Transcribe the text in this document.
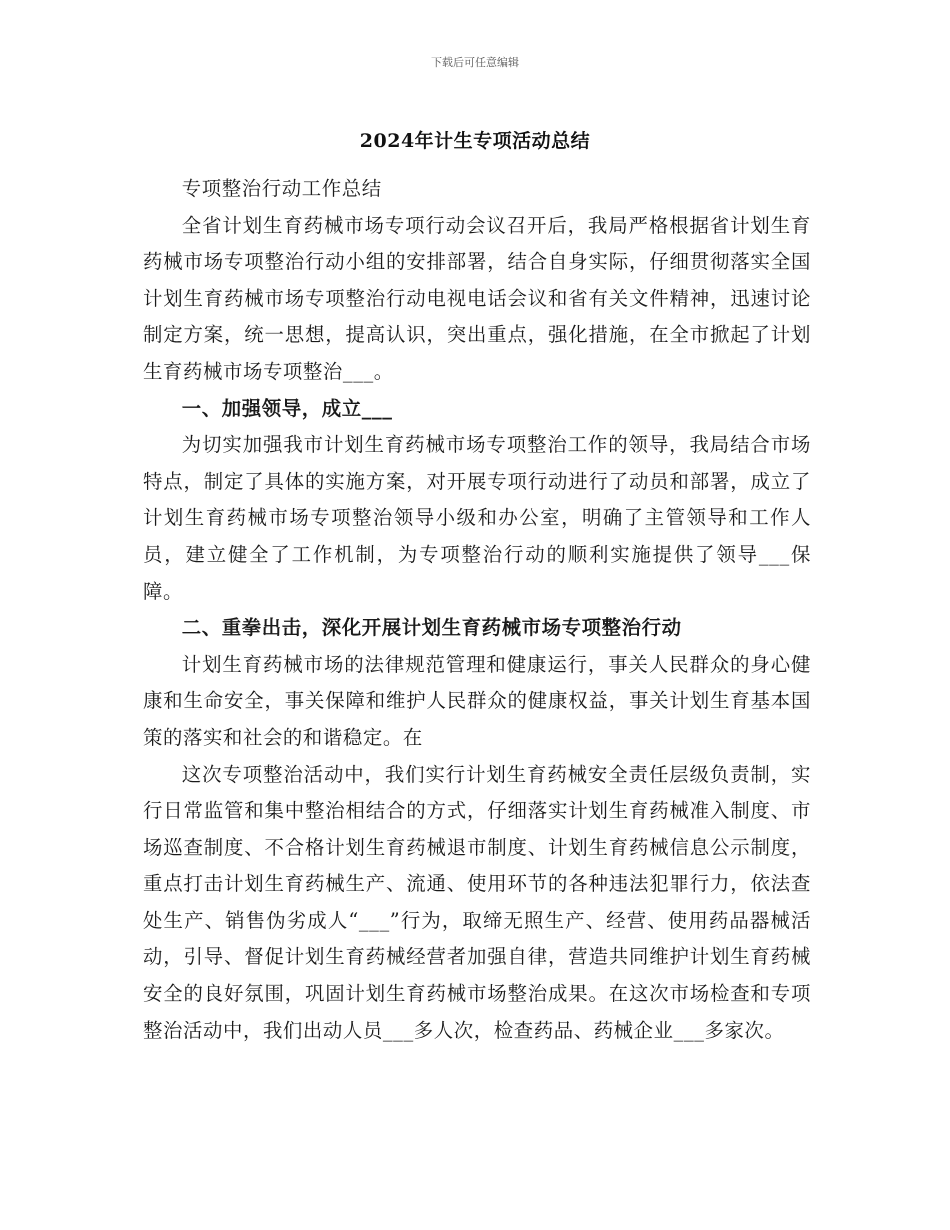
下载后可任意编辑
2024年计生专项活动总结

专项整治行动工作总结

全省计划生育药械市场专项行动会议召开后，我局严格根据省计划生育药械市场专项整治行动小组的安排部署，结合自身实际，仔细贯彻落实全国计划生育药械市场专项整治行动电视电话会议和省有关文件精神，迅速讨论制定方案，统一思想，提高认识，突出重点，强化措施，在全市掀起了计划生育药械市场专项整治___。

一、加强领导，成立___

为切实加强我市计划生育药械市场专项整治工作的领导，我局结合市场特点，制定了具体的实施方案，对开展专项行动进行了动员和部署，成立了计划生育药械市场专项整治领导小级和办公室，明确了主管领导和工作人员，建立健全了工作机制，为专项整治行动的顺利实施提供了领导___保障。

二、重拳出击，深化开展计划生育药械市场专项整治行动

计划生育药械市场的法律规范管理和健康运行，事关人民群众的身心健康和生命安全，事关保障和维护人民群众的健康权益，事关计划生育基本国策的落实和社会的和谐稳定。在

这次专项整治活动中，我们实行计划生育药械安全责任层级负责制，实行日常监管和集中整治相结合的方式，仔细落实计划生育药械准入制度、市场巡查制度、不合格计划生育药械退市制度、计划生育药械信息公示制度，重点打击计划生育药械生产、流通、使用环节的各种违法犯罪行力，依法查处生产、销售伪劣成人“___”行为，取缔无照生产、经营、使用药品器械活动，引导、督促计划生育药械经营者加强自律，营造共同维护计划生育药械安全的良好氛围，巩固计划生育药械市场整治成果。在这次市场检查和专项整治活动中，我们出动人员___多人次，检查药品、药械企业___多家次。
